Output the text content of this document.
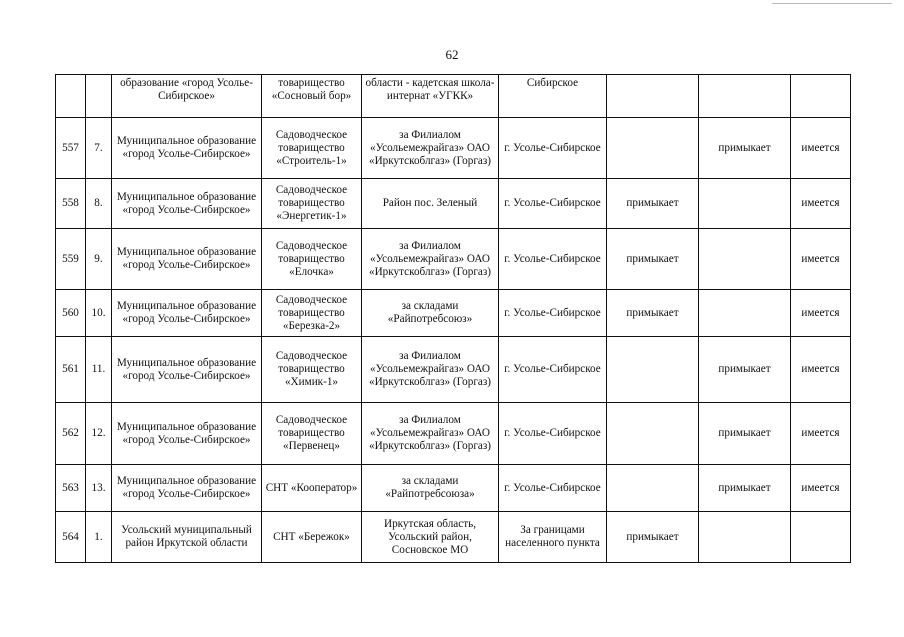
62
		образование «город Усолье-Сибирское»	товарищество «Сосновый бор»	области - кадетская школа-интернат «УГКК»	Сибирское			
557	7.	Муниципальное образование «город Усолье-Сибирское»	Садоводческое товарищество «Строитель-1»	за Филиалом «Усольемежрайгаз» ОАО «Иркутскоблгаз» (Горгаз)	г. Усолье-Сибирское		примыкает	имеется
558	8.	Муниципальное образование «город Усолье-Сибирское»	Садоводческое товарищество «Энергетик-1»	Район пос. Зеленый	г. Усолье-Сибирское	примыкает		имеется
559	9.	Муниципальное образование «город Усолье-Сибирское»	Садоводческое товарищество «Елочка»	за Филиалом «Усольемежрайгаз» ОАО «Иркутскоблгаз» (Горгаз)	г. Усолье-Сибирское	примыкает		имеется
560	10.	Муниципальное образование «город Усолье-Сибирское»	Садоводческое товарищество «Березка-2»	за складами «Райпотребсоюз»	г. Усолье-Сибирское	примыкает		имеется
561	11.	Муниципальное образование «город Усолье-Сибирское»	Садоводческое товарищество «Химик-1»	за Филиалом «Усольемежрайгаз» ОАО «Иркутскоблгаз» (Горгаз)	г. Усолье-Сибирское		примыкает	имеется
562	12.	Муниципальное образование «город Усолье-Сибирское»	Садоводческое товарищество «Первенец»	за Филиалом «Усольемежрайгаз» ОАО «Иркутскоблгаз» (Горгаз)	г. Усолье-Сибирское		примыкает	имеется
563	13.	Муниципальное образование «город Усолье-Сибирское»	СНТ «Кооператор»	за складами «Райпотребсоюза»	г. Усолье-Сибирское		примыкает	имеется
564	1.	Усольский муниципальный район Иркутской области	СНТ «Бережок»	Иркутская область, Усольский район, Сосновское МО	За границами населенного пункта	примыкает		
